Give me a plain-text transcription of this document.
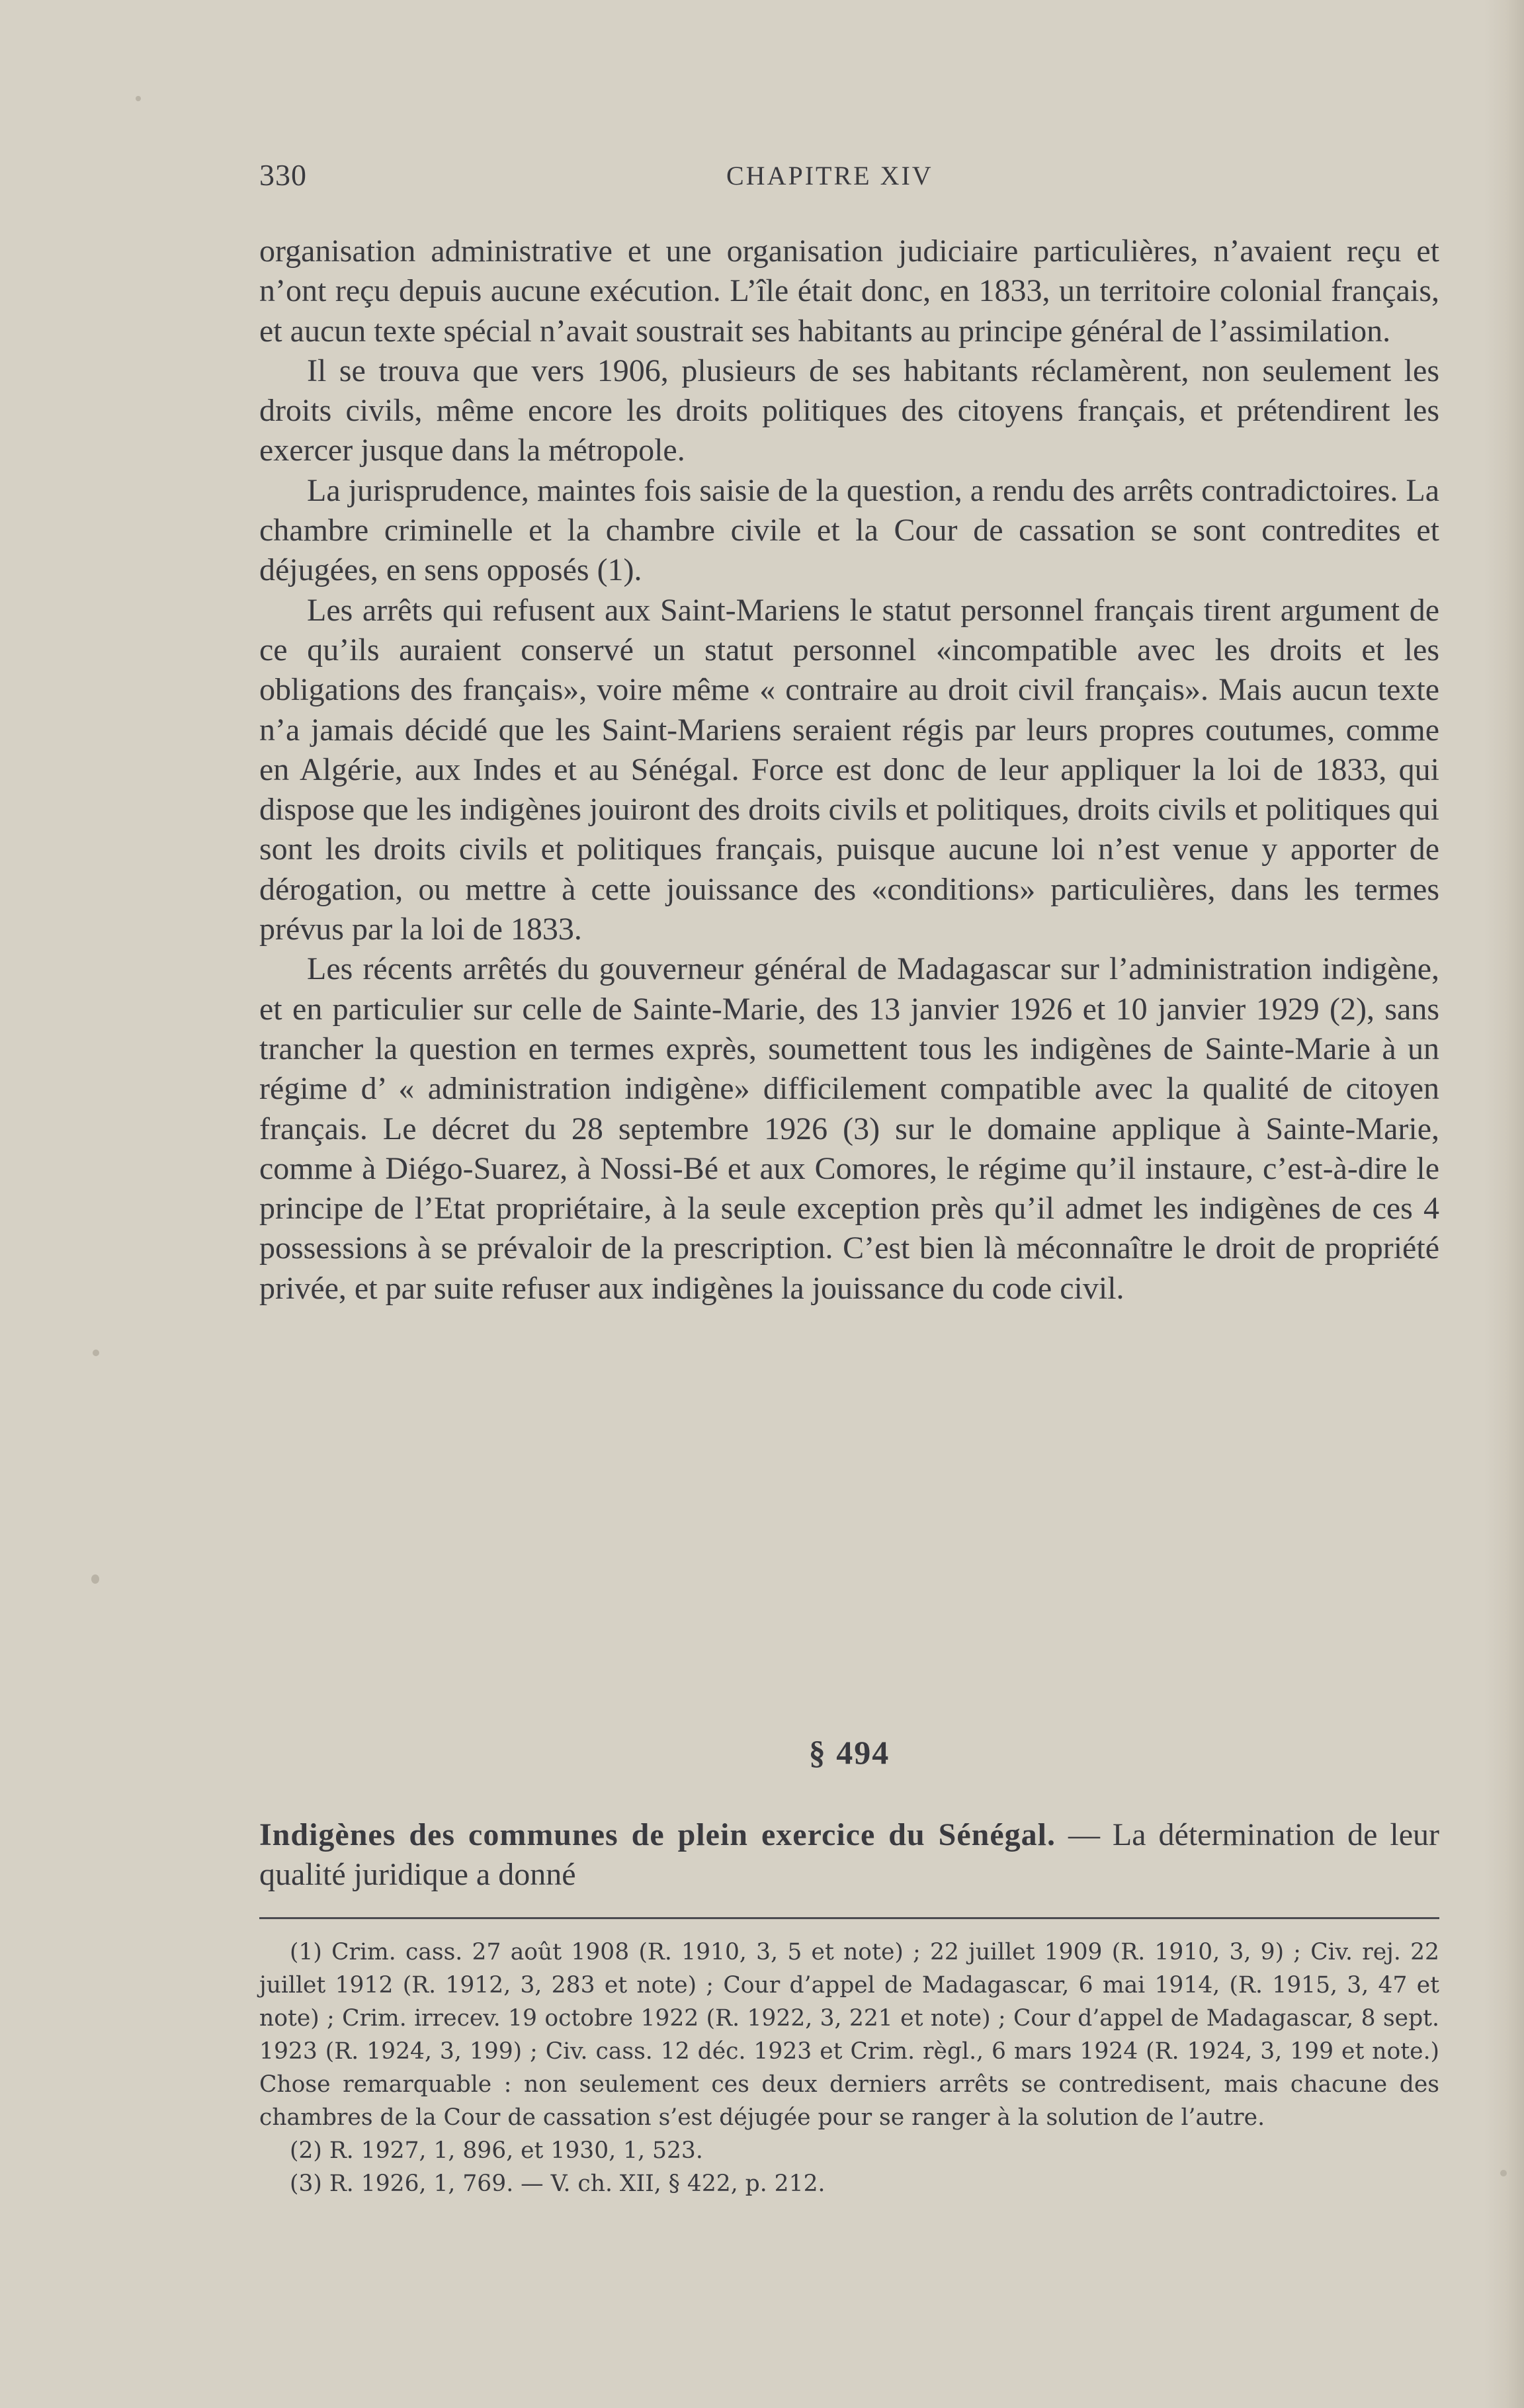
330	CHAPITRE XIV

organisation administrative et une organisation judiciaire particulières, n’avaient reçu et n’ont reçu depuis aucune exécution. L’île était donc, en 1833, un territoire colonial français, et aucun texte spécial n’avait soustrait ses habitants au principe général de l’assimilation.

Il se trouva que vers 1906, plusieurs de ses habitants réclamèrent, non seulement les droits civils, même encore les droits politiques des citoyens français, et prétendirent les exercer jusque dans la métropole.

La jurisprudence, maintes fois saisie de la question, a rendu des arrêts contradictoires. La chambre criminelle et la chambre civile et la Cour de cassation se sont contredites et déjugées, en sens opposés (1).

Les arrêts qui refusent aux Saint-Mariens le statut personnel français tirent argument de ce qu’ils auraient conservé un statut personnel «incompatible avec les droits et les obligations des français», voire même « contraire au droit civil français». Mais aucun texte n’a jamais décidé que les Saint-Mariens seraient régis par leurs propres coutumes, comme en Algérie, aux Indes et au Sénégal. Force est donc de leur appliquer la loi de 1833, qui dispose que les indigènes jouiront des droits civils et politiques, droits civils et politiques qui sont les droits civils et politiques français, puisque aucune loi n’est venue y apporter de dérogation, ou mettre à cette jouissance des «conditions» particulières, dans les termes prévus par la loi de 1833.

Les récents arrêtés du gouverneur général de Madagascar sur l’administration indigène, et en particulier sur celle de Sainte-Marie, des 13 janvier 1926 et 10 janvier 1929 (2), sans trancher la question en termes exprès, soumettent tous les indigènes de Sainte-Marie à un régime d’ « administration indigène» difficilement compatible avec la qualité de citoyen français. Le décret du 28 septembre 1926 (3) sur le domaine applique à Sainte-Marie, comme à Diégo-Suarez, à Nossi-Bé et aux Comores, le régime qu’il instaure, c’est-à-dire le principe de l’Etat propriétaire, à la seule exception près qu’il admet les indigènes de ces 4 possessions à se prévaloir de la prescription. C’est bien là méconnaître le droit de propriété privée, et par suite refuser aux indigènes la jouissance du code civil.

§ 494

Indigènes des communes de plein exercice du Sénégal. — La détermination de leur qualité juridique a donné

(1) Crim. cass. 27 août 1908 (R. 1910, 3, 5 et note) ; 22 juillet 1909 (R. 1910, 3, 9) ; Civ. rej. 22 juillet 1912 (R. 1912, 3, 283 et note) ; Cour d’appel de Madagascar, 6 mai 1914, (R. 1915, 3, 47 et note) ; Crim. irrecev. 19 octobre 1922 (R. 1922, 3, 221 et note) ; Cour d’appel de Madagascar, 8 sept. 1923 (R. 1924, 3, 199) ; Civ. cass. 12 déc. 1923 et Crim. règl., 6 mars 1924 (R. 1924, 3, 199 et note.) Chose remarquable : non seulement ces deux derniers arrêts se contredisent, mais chacune des chambres de la Cour de cassation s’est déjugée pour se ranger à la solution de l’autre.

(2) R. 1927, 1, 896, et 1930, 1, 523.

(3) R. 1926, 1, 769. — V. ch. XII, § 422, p. 212.
